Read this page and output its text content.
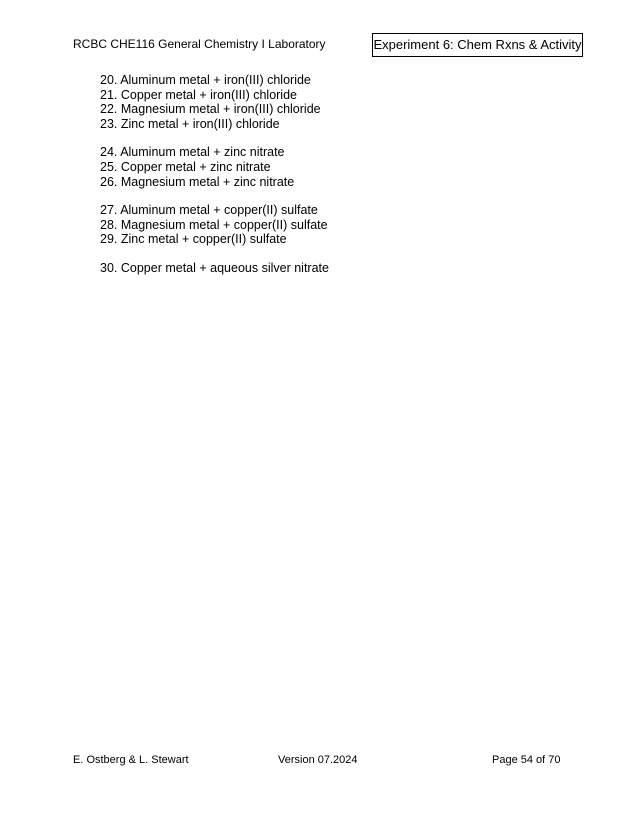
RCBC CHE116 General Chemistry I Laboratory	Experiment 6: Chem Rxns & Activity
20. Aluminum metal + iron(III) chloride
21. Copper metal + iron(III) chloride
22. Magnesium metal + iron(III) chloride
23. Zinc metal + iron(III) chloride
24. Aluminum metal + zinc nitrate
25. Copper metal + zinc nitrate
26. Magnesium metal + zinc nitrate
27. Aluminum metal + copper(II) sulfate
28. Magnesium metal + copper(II) sulfate
29. Zinc metal + copper(II) sulfate
30. Copper metal + aqueous silver nitrate
E. Ostberg & L. Stewart	Version 07.2024	Page 54 of 70
